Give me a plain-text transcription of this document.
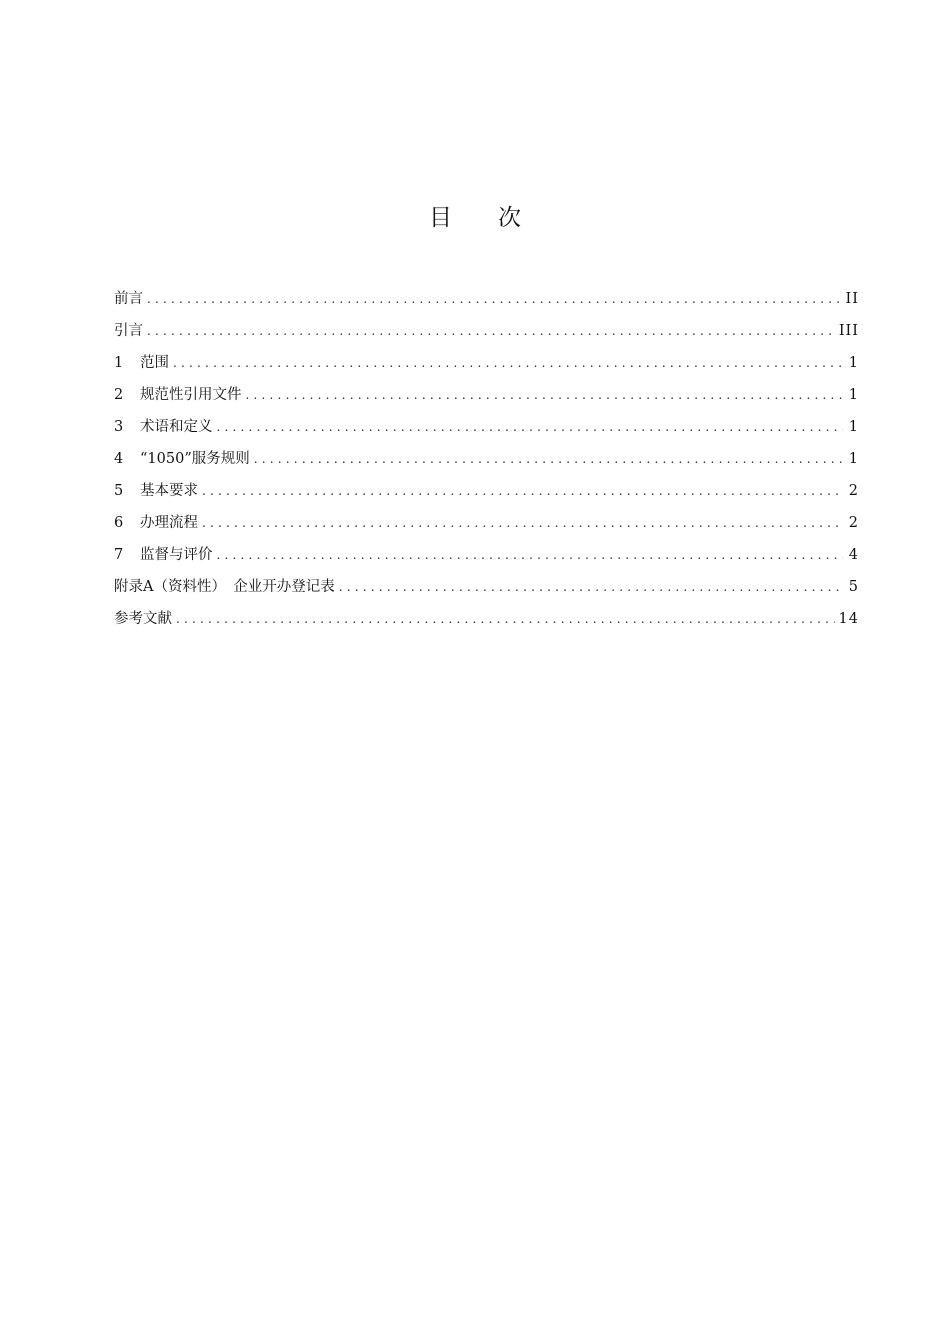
目 次
前言 .....	II
引言 .....	III
1	范围 .....	1
2	规范性引用文件 .....	1
3	术语和定义 .....	1
4	“1050”服务规则 .....	1
5	基本要求 .....	2
6	办理流程 .....	2
7	监督与评价 .....	4
附录A（资料性）　企业开办登记表 .....	5
参考文献 .....	14
